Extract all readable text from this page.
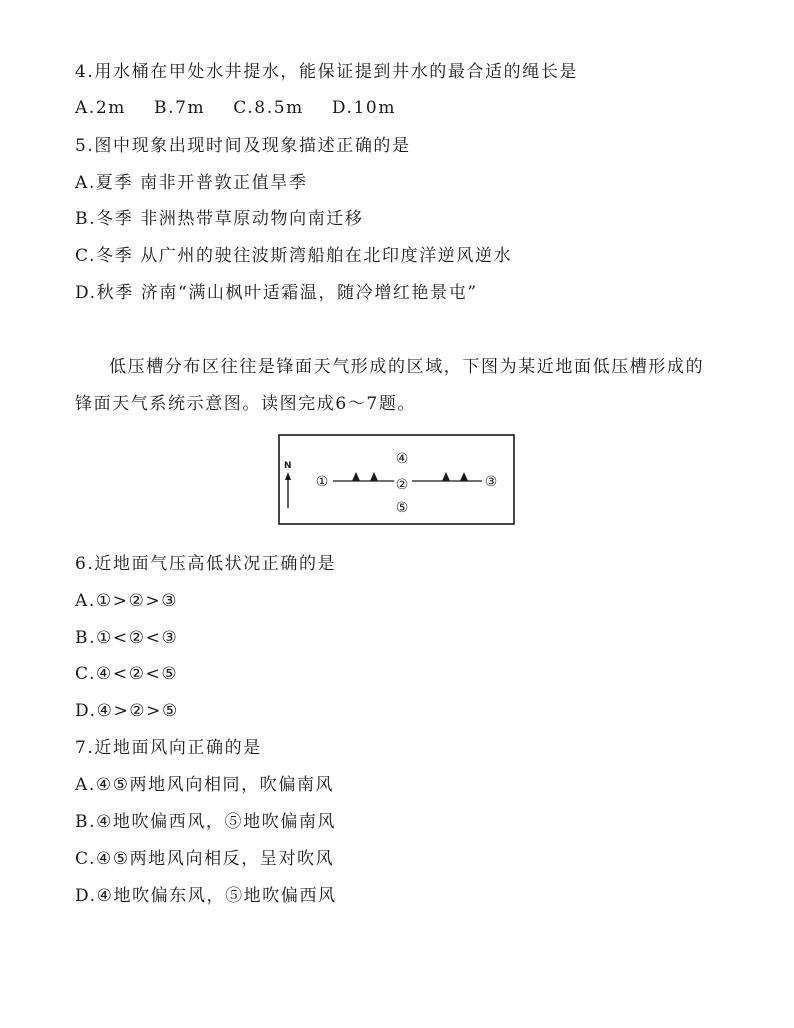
4.用水桶在甲处水井提水，能保证提到井水的最合适的绳长是
A.2m    B.7m    C.8.5m    D.10m
5.图中现象出现时间及现象描述正确的是
A.夏季 南非开普敦正值旱季
B.冬季 非洲热带草原动物向南迁移
C.冬季 从广州的驶往波斯湾船舶在北印度洋逆风逆水
D.秋季 济南“满山枫叶适霜温，随冷增红艳景屯”
低压槽分布区往往是锋面天气形成的区域，下图为某近地面低压槽形成的锋面天气系统示意图。读图完成6～7题。
N	④
①	②	③
⑤
6.近地面气压高低状况正确的是
A.①>②>③
B.①<②<③
C.④<②<⑤
D.④>②>⑤
7.近地面风向正确的是
A.④⑤两地风向相同，吹偏南风
B.④地吹偏西风，⑤地吹偏南风
C.④⑤两地风向相反，呈对吹风
D.④地吹偏东风，⑤地吹偏西风
